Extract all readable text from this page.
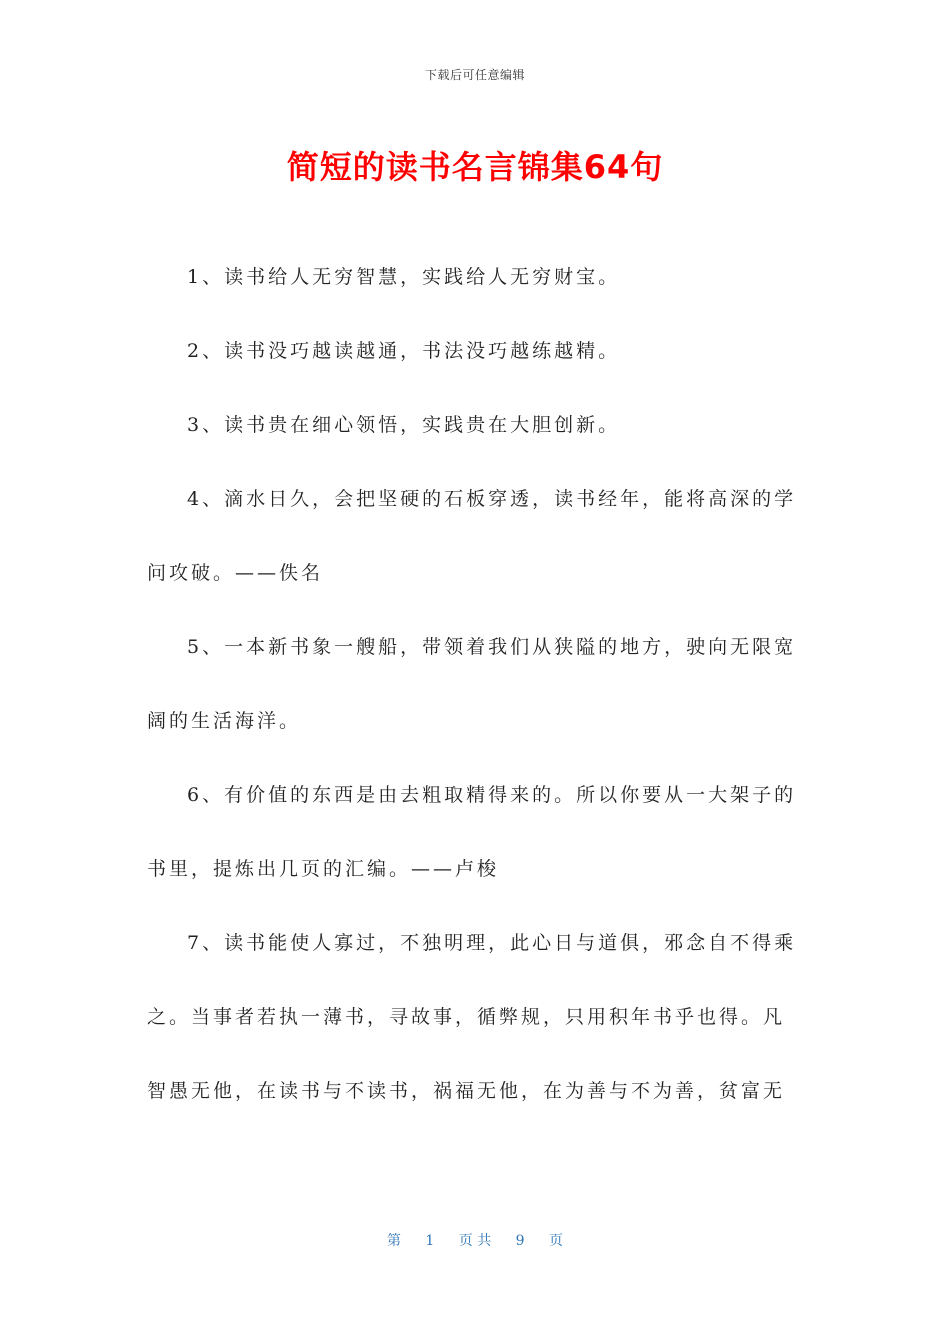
下载后可任意编辑
简短的读书名言锦集64句
1、读书给人无穷智慧，实践给人无穷财宝。
2、读书没巧越读越通，书法没巧越练越精。
3、读书贵在细心领悟，实践贵在大胆创新。
4、滴水日久，会把坚硬的石板穿透，读书经年，能将高深的学
问攻破。——佚名
5、一本新书象一艘船，带领着我们从狭隘的地方，驶向无限宽
阔的生活海洋。
6、有价值的东西是由去粗取精得来的。所以你要从一大架子的
书里，提炼出几页的汇编。——卢梭
7、读书能使人寡过，不独明理，此心日与道俱，邪念自不得乘
之。当事者若执一薄书，寻故事，循弊规，只用积年书乎也得。凡
智愚无他，在读书与不读书，祸福无他，在为善与不为善，贫富无
第 1 页 共 9 页
